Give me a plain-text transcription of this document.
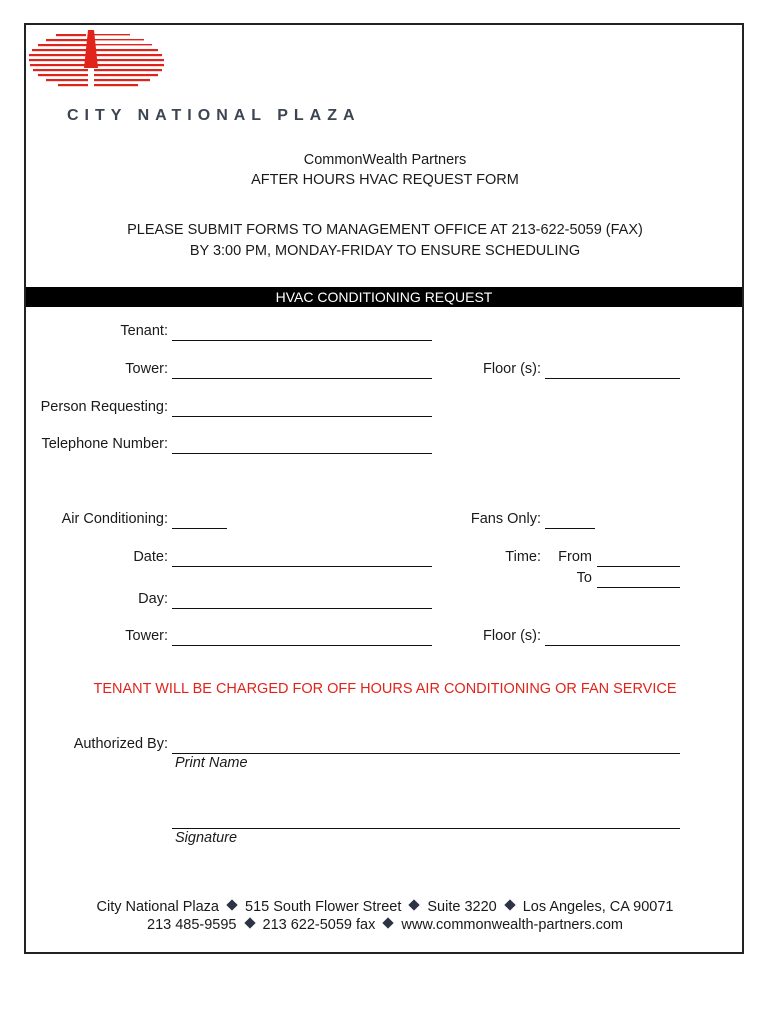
CITY NATIONAL PLAZA
CommonWealth Partners
AFTER HOURS HVAC REQUEST FORM
PLEASE SUBMIT FORMS TO MANAGEMENT OFFICE AT 213-622-5059 (FAX)
BY 3:00 PM, MONDAY-FRIDAY TO ENSURE SCHEDULING
HVAC CONDITIONING REQUEST
Tenant:
Tower:	Floor (s):
Person Requesting:
Telephone Number:
Air Conditioning:	Fans Only:
Date:	Time: From
To
Day:
Tower:	Floor (s):
TENANT WILL BE CHARGED FOR OFF HOURS AIR CONDITIONING OR FAN SERVICE
Authorized By:
Print Name
Signature
City National Plaza 515 South Flower Street Suite 3220 Los Angeles, CA 90071
213 485-9595 213 622-5059 fax www.commonwealth-partners.com
